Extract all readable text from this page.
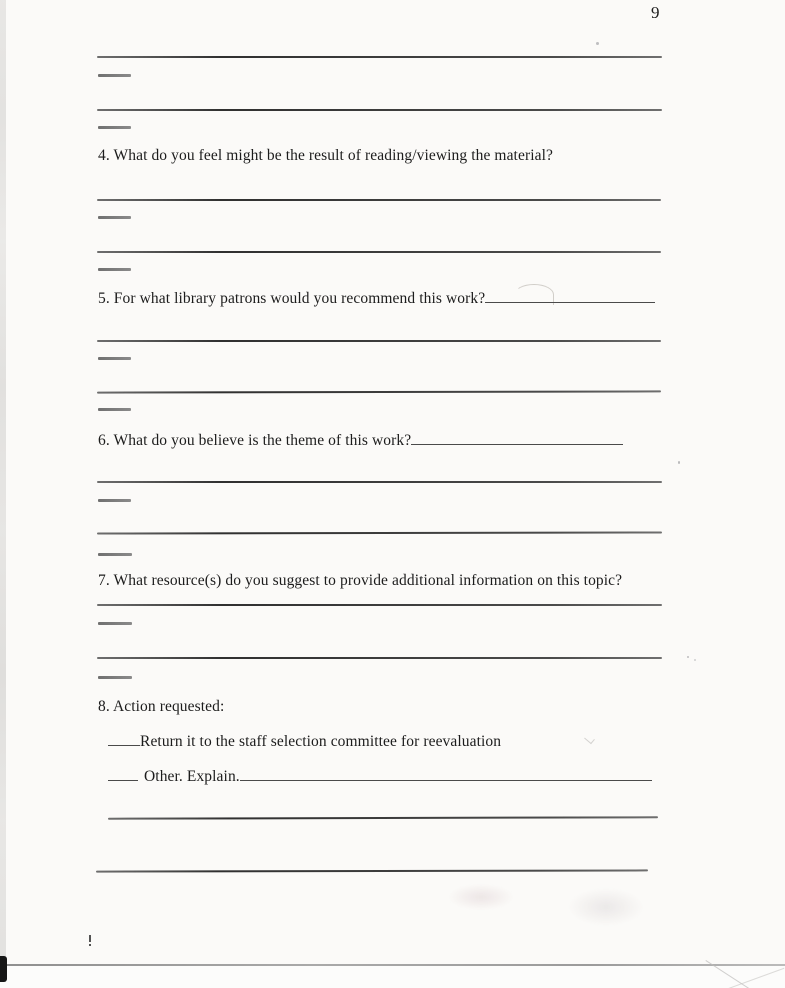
9
4. What do you feel might be the result of reading/viewing the material?
5. For what library patrons would you recommend this work?
6. What do you believe is the theme of this work?
7. What resource(s) do you suggest to provide additional information on this topic?
8. Action requested:
Return it to the staff selection committee for reevaluation
Other. Explain.
